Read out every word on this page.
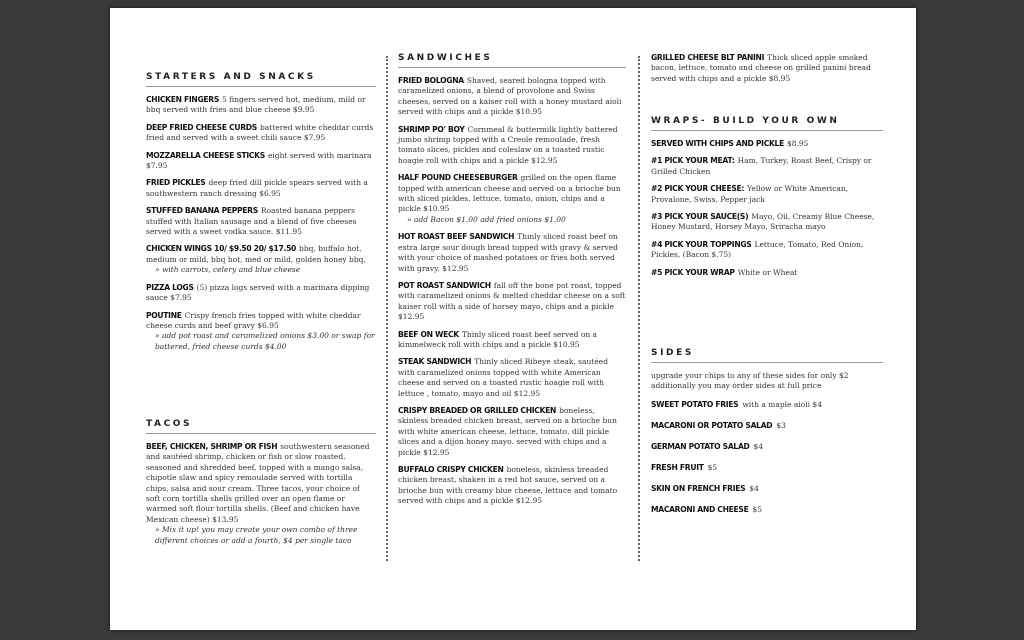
STARTERS AND SNACKS
CHICKEN FINGERS 5 fingers served hot, medium, mild or bbq served with fries and blue cheese $9.95
DEEP FRIED CHEESE CURDS battered white cheddar curds fried and served with a sweet chili sauce $7.95
MOZZARELLA CHEESE STICKS eight served with marinara $7.95
FRIED PICKLES deep fried dill pickle spears served with a southwestern ranch dressing $6.95
STUFFED BANANA PEPPERS Roasted banana peppers stuffed with Italian sausage and a blend of five cheeses served with a sweet vodka sauce. $11.95
CHICKEN WINGS 10/ $9.50 20/ $17.50 bbq, buffalo hot, medium or mild, bbq hot, med or mild, golden honey bbq,
» with carrots, celery and blue cheese
PIZZA LOGS (5) pizza logs served with a marinara dipping sauce $7.95
POUTINE Crispy french fries topped with white cheddar cheese curds and beef gravy $6.95
» add pot roast and caramelized onions $3.00 or swap for battered, fried cheese curds $4.00
TACOS
BEEF, CHICKEN, SHRIMP OR FISH southwestern seasoned and sautéed shrimp, chicken or fish or slow roasted, seasoned and shredded beef, topped with a mango salsa, chipotle slaw and spicy remoulade served with tortilla chips, salsa and sour cream. Three tacos, your choice of soft corn tortilla shells grilled over an open flame or warmed soft flour tortilla shells. (Beef and chicken have Mexican cheese) $13.95
» Mix it up! you may create your own combo of three different choices or add a fourth, $4 per single taco
SANDWICHES
FRIED BOLOGNA Shaved, seared bologna topped with caramelized onions, a blend of provolone and Swiss cheeses, served on a kaiser roll with a honey mustard aioli served with chips and a pickle $10.95
SHRIMP PO' BOY Cornmeal & buttermilk lightly battered jumbo shrimp topped with a Creole remoulade, fresh tomato slices, pickles and coleslaw on a toasted rustic hoagie roll with chips and a pickle $12.95
HALF POUND CHEESEBURGER grilled on the open flame topped with american cheese and served on a brioche bun with sliced pickles, lettuce, tomato, onion, chips and a pickle $10.95
» add Bacon $1.00 add fried onions $1.00
HOT ROAST BEEF SANDWICH Thinly sliced roast beef on extra large sour dough bread topped with gravy & served with your choice of mashed potatoes or fries both served with gravy. $12.95
POT ROAST SANDWICH fall off the bone pot roast, topped with caramelized onions & melted cheddar cheese on a soft kaiser roll with a side of horsey mayo, chips and a pickle $12.95
BEEF ON WECK Thinly sliced roast beef served on a kimmelweck roll with chips and a pickle $10.95
STEAK SANDWICH Thinly sliced Ribeye steak, sautéed with caramelized onions topped with white American cheese and served on a toasted rustic hoagie roll with lettuce , tomato, mayo and oil $12.95
CRISPY BREADED OR GRILLED CHICKEN boneless, skinless breaded chicken breast, served on a brioche bun with white american cheese, lettuce, tomato, dill pickle slices and a dijon honey mayo. served with chips and a pickle $12.95
BUFFALO CRISPY CHICKEN boneless, skinless breaded chicken breast, shaken in a red hot sauce, served on a brioche bun with creamy blue cheese, lettuce and tomato served with chips and a pickle $12.95
GRILLED CHEESE BLT PANINI Thick sliced apple smoked bacon, lettuce, tomato and cheese on grilled panini bread served with chips and a pickle $8.95
WRAPS- BUILD YOUR OWN
SERVED WITH CHIPS AND PICKLE $8.95
#1 PICK YOUR MEAT: Ham, Turkey, Roast Beef, Crispy or Grilled Chicken
#2 PICK YOUR CHEESE: Yellow or White American, Provalone, Swiss, Pepper jack
#3 PICK YOUR SAUCE(S) Mayo, Oil, Creamy Blue Cheese, Honey Mustard, Horsey Mayo, Sriracha mayo
#4 PICK YOUR TOPPINGS Lettuce, Tomato, Red Onion, Pickles, (Bacon $.75)
#5 PICK YOUR WRAP White or Wheat
SIDES
upgrade your chips to any of these sides for only $2 additionally you may order sides at full price
SWEET POTATO FRIES with a maple aioli $4
MACARONI OR POTATO SALAD $3
GERMAN POTATO SALAD $4
FRESH FRUIT $5
SKIN ON FRENCH FRIES $4
MACARONI AND CHEESE $5
